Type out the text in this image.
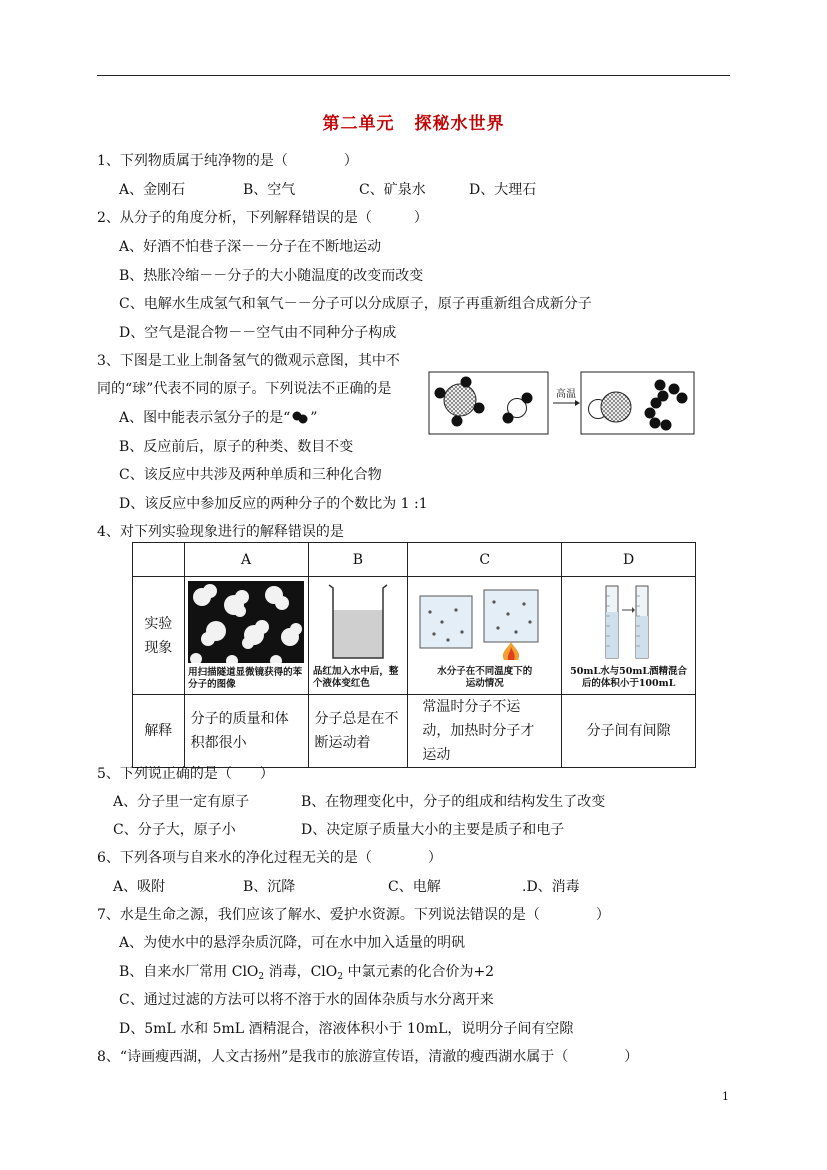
第二单元 探秘水世界
1、下列物质属于纯净物的是（　　　　）
A、金刚石	B、空气	C、矿泉水	D、大理石
2、从分子的角度分析，下列解释错误的是（　　　）
A、好酒不怕巷子深－－分子在不断地运动
B、热胀冷缩－－分子的大小随温度的改变而改变
C、电解水生成氢气和氧气－－分子可以分成原子，原子再重新组合成新分子
D、空气是混合物－－空气由不同种分子构成
3、下图是工业上制备氢气的微观示意图，其中不
同的“球”代表不同的原子。下列说法不正确的是
A、图中能表示氢分子的是“ ”
B、反应前后，原子的种类、数目不变
C、该反应中共涉及两种单质和三种化合物
D、该反应中参加反应的两种分子的个数比为 1 :1
高温
4、对下列实验现象进行的解释错误的是
	A	B	C	D
实验现象	用扫描隧道显微镜获得的苯分子的图像	品红加入水中后，整个液体变红色	水分子在不同温度下的运动情况	50mL水与50mL酒精混合后的体积小于100mL

解释	分子的质量和体积都很小	分子总是在不断运动着	常温时分子不运动，加热时分子才运动	分子间有间隙
5、下列说正确的是（　　）
A、分子里一定有原子	B、在物理变化中，分子的组成和结构发生了改变
C、分子大，原子小	D、决定原子质量大小的主要是质子和电子
6、下列各项与自来水的净化过程无关的是（　　　　）
A、吸附	B、沉降	C、电解	.D、消毒
7、水是生命之源，我们应该了解水、爱护水资源。下列说法错误的是（　　　　）
A、为使水中的悬浮杂质沉降，可在水中加入适量的明矾
B、自来水厂常用 ClO$_2$ 消毒，ClO$_2$ 中氯元素的化合价为+2
C、通过过滤的方法可以将不溶于水的固体杂质与水分离开来
D、5mL 水和 5mL 酒精混合，溶液体积小于 10mL，说明分子间有空隙
8、“诗画瘦西湖，人文古扬州”是我市的旅游宣传语，清澈的瘦西湖水属于（　　　　）
1
